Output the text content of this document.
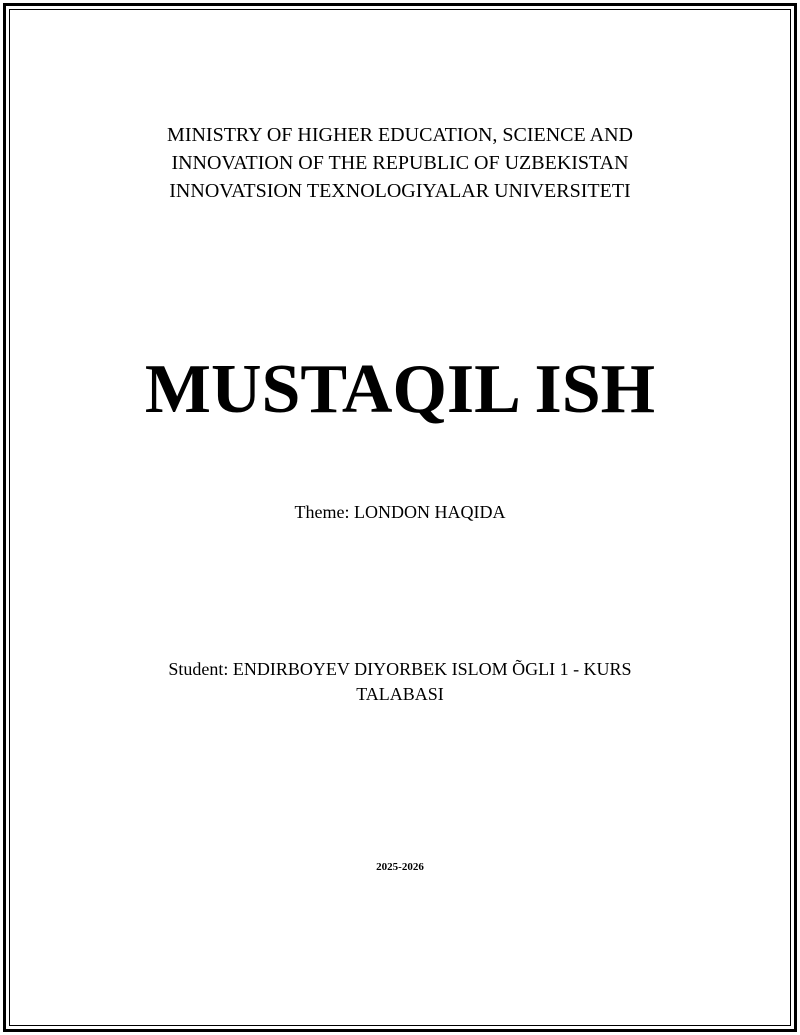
MINISTRY OF HIGHER EDUCATION, SCIENCE AND
INNOVATION OF THE REPUBLIC OF UZBEKISTAN
INNOVATSION TEXNOLOGIYALAR UNIVERSITETI
MUSTAQIL ISH
Theme: LONDON HAQIDA
Student: ENDIRBOYEV DIYORBEK ISLOM ÕGLI 1 - KURS TALABASI
2025-2026
